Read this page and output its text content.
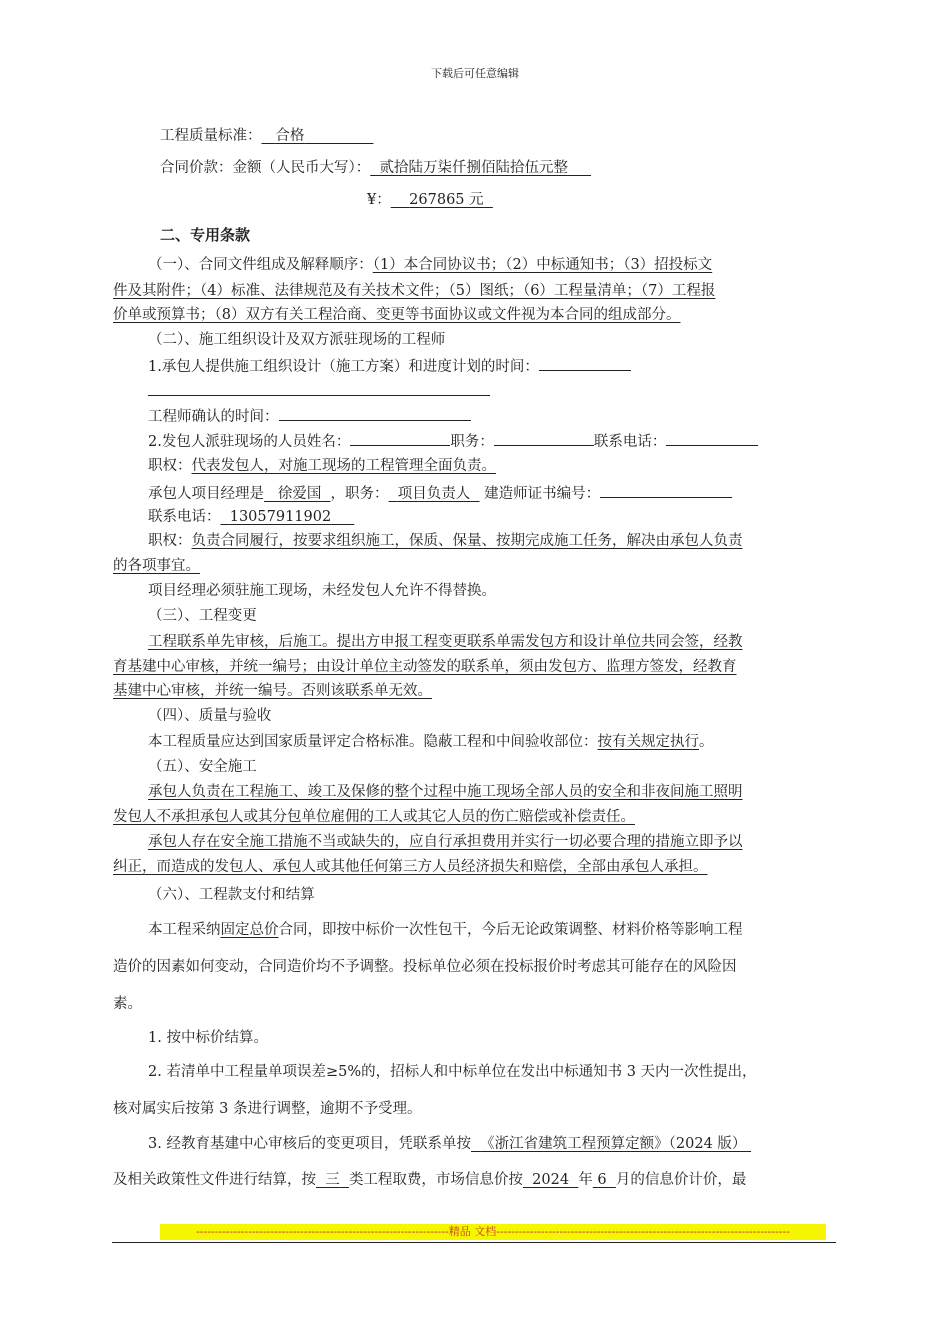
下载后可任意编辑
工程质量标准： 合格
合同价款：金额（人民币大写）： 贰拾陆万柒仟捌佰陆拾伍元整
¥： 267865 元
二、专用条款
（一）、合同文件组成及解释顺序：（1）本合同协议书；（2）中标通知书；（3）招投标文
件及其附件；（4）标准、法律规范及有关技术文件；（5）图纸；（6）工程量清单；（7）工程报
价单或预算书；（8）双方有关工程洽商、变更等书面协议或文件视为本合同的组成部分。
（二）、施工组织设计及双方派驻现场的工程师
1.承包人提供施工组织设计（施工方案）和进度计划的时间：
工程师确认的时间：
2.发包人派驻现场的人员姓名：	职务：	联系电话：
职权：代表发包人，对施工现场的工程管理全面负责。
承包人项目经理是 徐爱国 ，职务： 项目负责人 建造师证书编号：
联系电话： 13057911902
职权：负责合同履行，按要求组织施工，保质、保量、按期完成施工任务，解决由承包人负责
的各项事宜。
项目经理必须驻施工现场，未经发包人允许不得替换。
（三）、工程变更
工程联系单先审核，后施工。提出方申报工程变更联系单需发包方和设计单位共同会签，经教
育基建中心审核，并统一编号；由设计单位主动签发的联系单，须由发包方、监理方签发，经教育
基建中心审核，并统一编号。否则该联系单无效。
（四）、质量与验收
本工程质量应达到国家质量评定合格标准。隐蔽工程和中间验收部位：按有关规定执行。
（五）、安全施工
承包人负责在工程施工、竣工及保修的整个过程中施工现场全部人员的安全和非夜间施工照明
发包人不承担承包人或其分包单位雇佣的工人或其它人员的伤亡赔偿或补偿责任。
承包人存在安全施工措施不当或缺失的，应自行承担费用并实行一切必要合理的措施立即予以
纠正，而造成的发包人、承包人或其他任何第三方人员经济损失和赔偿，全部由承包人承担。
（六）、工程款支付和结算
本工程采纳固定总价合同，即按中标价一次性包干，今后无论政策调整、材料价格等影响工程
造价的因素如何变动，合同造价均不予调整。投标单位必须在投标报价时考虑其可能存在的风险因
素。
1. 按中标价结算。
2. 若清单中工程量单项误差≥5%的，招标人和中标单位在发出中标通知书 3 天内一次性提出，
核对属实后按第 3 条进行调整，逾期不予受理。
3. 经教育基建中心审核后的变更项目，凭联系单按 《浙江省建筑工程预算定额》（2024 版）
及相关政策性文件进行结算，按 三 类工程取费，市场信息价按 2024 年 6 月的信息价计价，最
--------------------------------------------------------------------精品 文档-------------------------------------------------------------------------------
